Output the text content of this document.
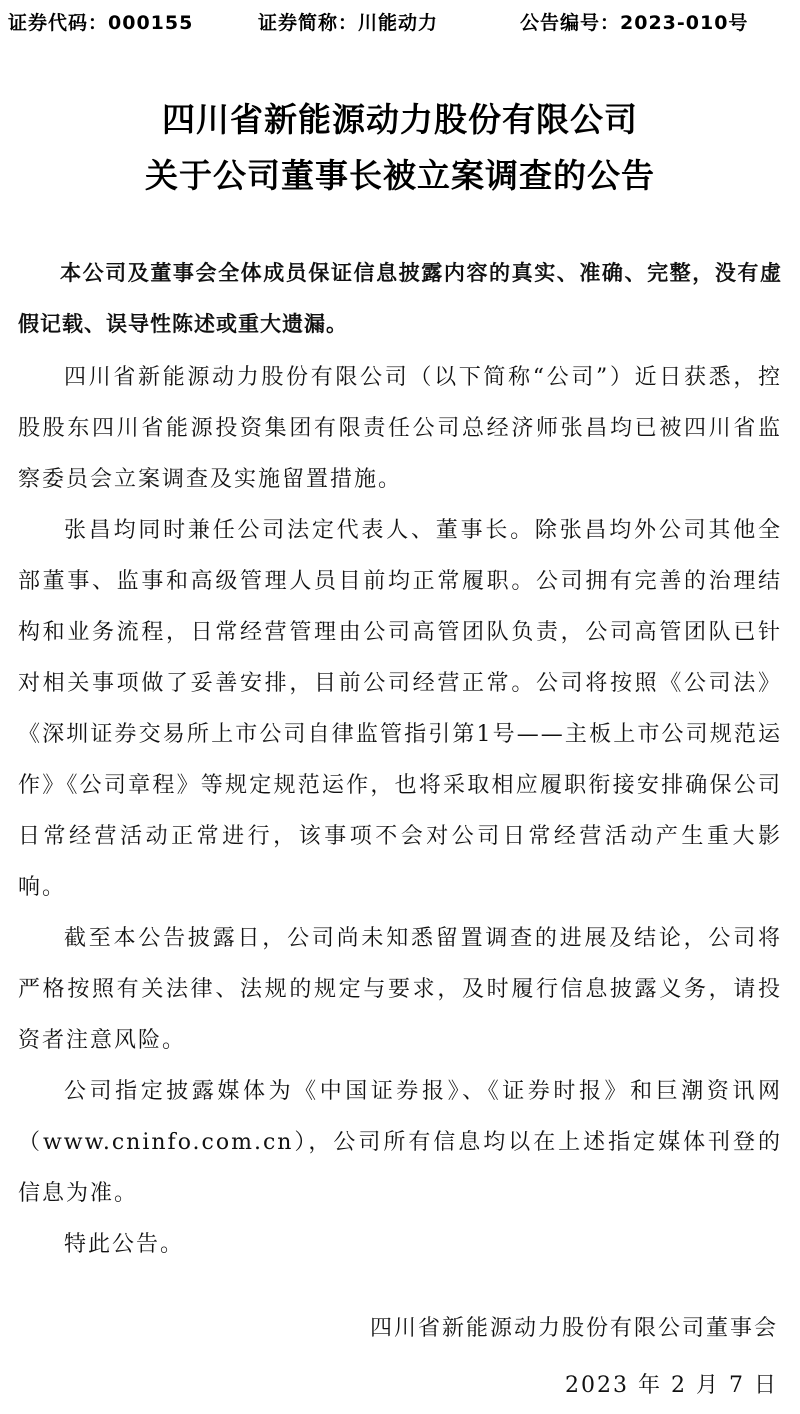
证券代码：000155	证券简称：川能动力	公告编号：2023-010号
四川省新能源动力股份有限公司
关于公司董事长被立案调查的公告
本公司及董事会全体成员保证信息披露内容的真实、准确、完整，没有虚假记载、误导性陈述或重大遗漏。

四川省新能源动力股份有限公司（以下简称“公司”）近日获悉，控股股东四川省能源投资集团有限责任公司总经济师张昌均已被四川省监察委员会立案调查及实施留置措施。

张昌均同时兼任公司法定代表人、董事长。除张昌均外公司其他全部董事、监事和高级管理人员目前均正常履职。公司拥有完善的治理结构和业务流程，日常经营管理由公司高管团队负责，公司高管团队已针对相关事项做了妥善安排，目前公司经营正常。公司将按照《公司法》《深圳证券交易所上市公司自律监管指引第1号——主板上市公司规范运作》《公司章程》等规定规范运作，也将采取相应履职衔接安排确保公司日常经营活动正常进行，该事项不会对公司日常经营活动产生重大影响。

截至本公告披露日，公司尚未知悉留置调查的进展及结论，公司将严格按照有关法律、法规的规定与要求，及时履行信息披露义务，请投资者注意风险。

公司指定披露媒体为《中国证券报》、《证券时报》和巨潮资讯网（www.cninfo.com.cn），公司所有信息均以在上述指定媒体刊登的信息为准。

特此公告。

四川省新能源动力股份有限公司董事会
2023 年 2 月 7 日
